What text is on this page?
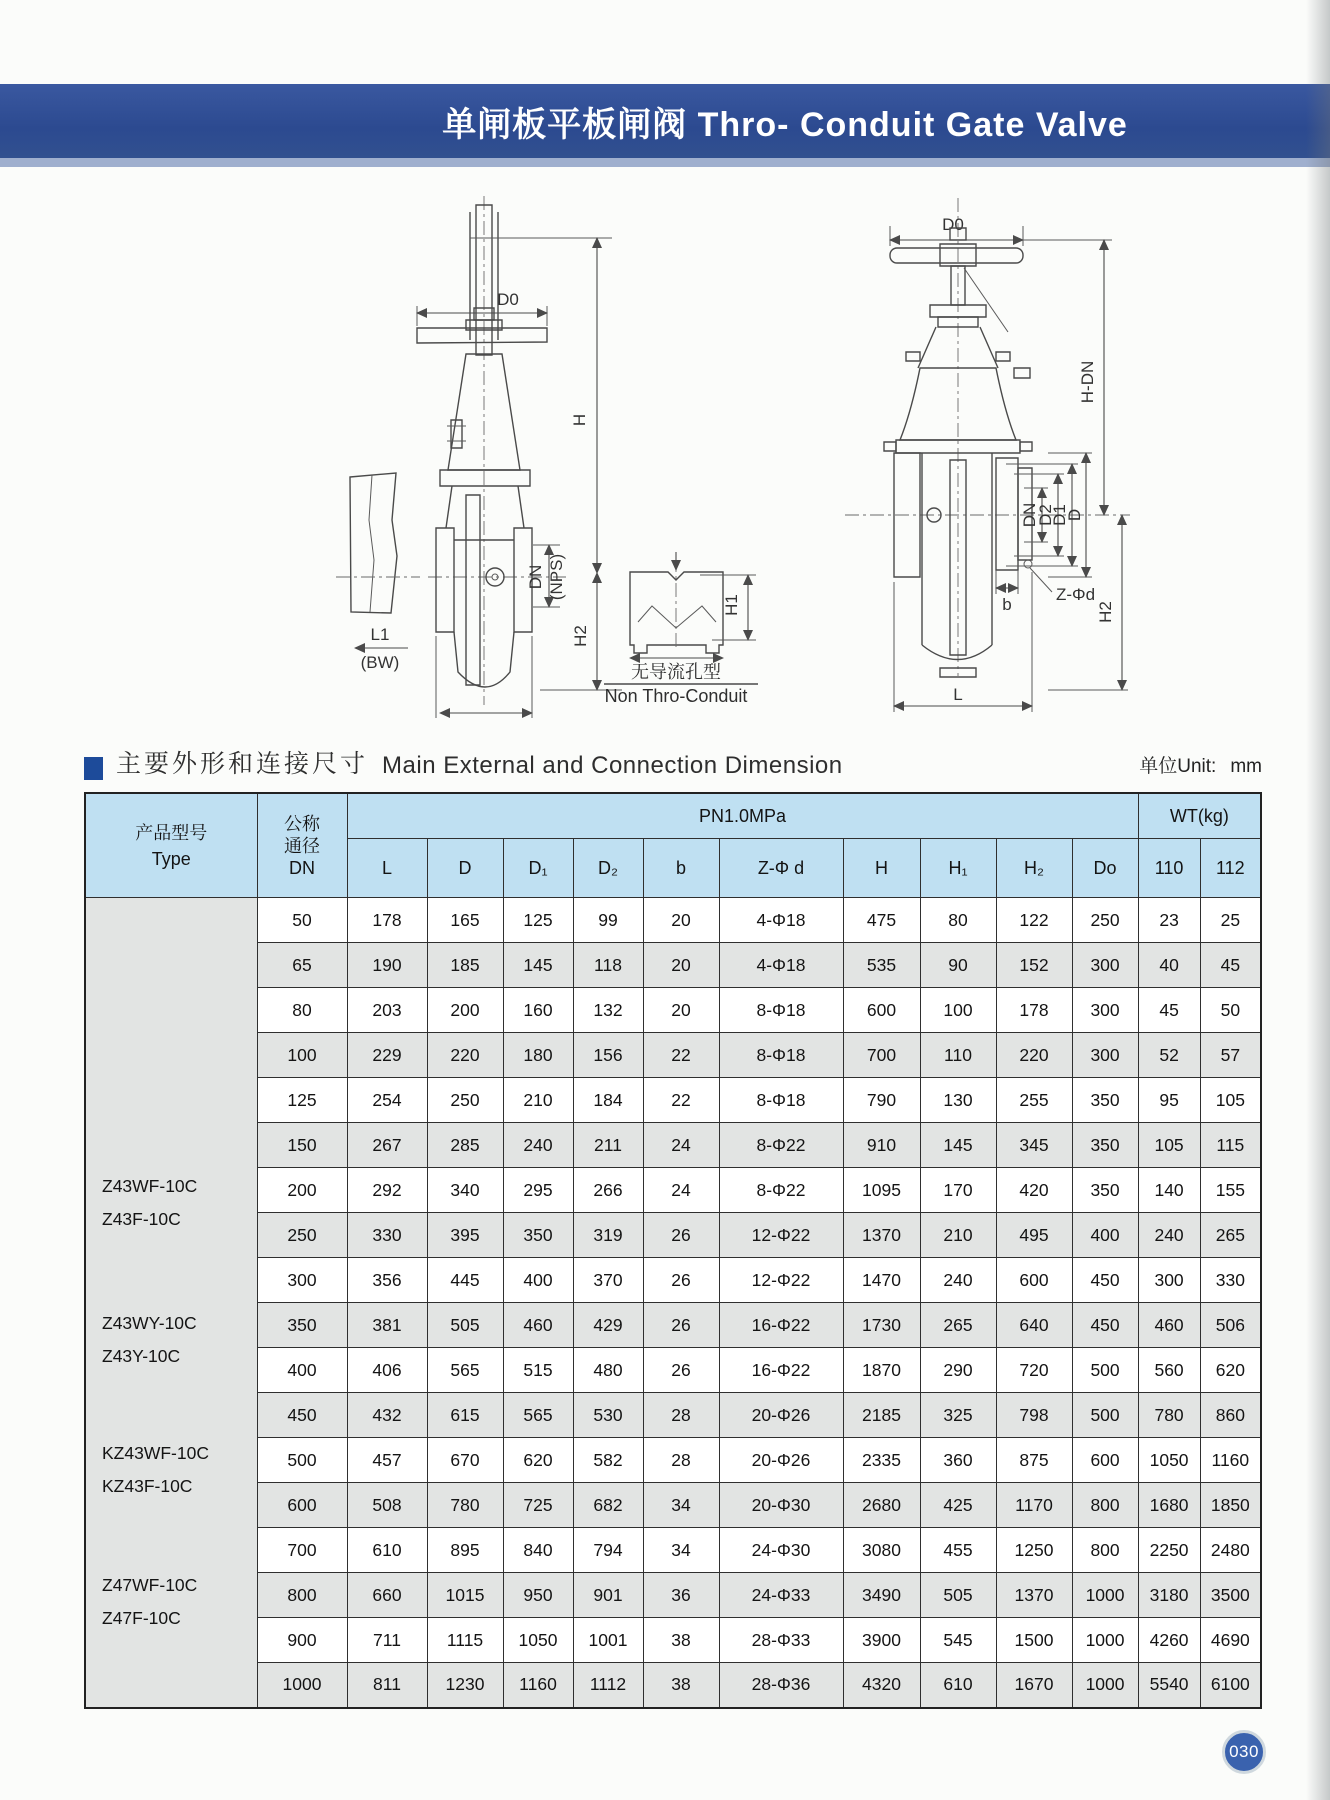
单闸板平板闸阀 Thro- Conduit Gate Valve
D0
DN (NPS)
H
H2
L1
(BW)
H1
无导流孔型
Non Thro-Conduit
D0
DN
D2
D1
D
b
Z-Φd
H-DN
H2
L
主要外形和连接尺寸 Main External and Connection Dimension	单位Unit: mm
产品型号
Type

公称
通径
DN
	PN1.0MPa	WT(kg)
		L	D	D₁	D₂	b	Z-Φ d	H	H₁	H₂	Do	110	112

Z43WF-10C
Z43F-10C
Z43WY-10C
Z43Y-10C
KZ43WF-10C
KZ43F-10C
Z47WF-10C
Z47F-10C
	50	178	165	125	99	20	4-Φ18	475	80	122	250	23	25
	65	190	185	145	118	20	4-Φ18	535	90	152	300	40	45
	80	203	200	160	132	20	8-Φ18	600	100	178	300	45	50
	100	229	220	180	156	22	8-Φ18	700	110	220	300	52	57
	125	254	250	210	184	22	8-Φ18	790	130	255	350	95	105
	150	267	285	240	211	24	8-Φ22	910	145	345	350	105	115
	200	292	340	295	266	24	8-Φ22	1095	170	420	350	140	155
	250	330	395	350	319	26	12-Φ22	1370	210	495	400	240	265
	300	356	445	400	370	26	12-Φ22	1470	240	600	450	300	330
	350	381	505	460	429	26	16-Φ22	1730	265	640	450	460	506
	400	406	565	515	480	26	16-Φ22	1870	290	720	500	560	620
	450	432	615	565	530	28	20-Φ26	2185	325	798	500	780	860
	500	457	670	620	582	28	20-Φ26	2335	360	875	600	1050	1160
	600	508	780	725	682	34	20-Φ30	2680	425	1170	800	1680	1850
	700	610	895	840	794	34	24-Φ30	3080	455	1250	800	2250	2480
	800	660	1015	950	901	36	24-Φ33	3490	505	1370	1000	3180	3500
	900	711	1115	1050	1001	38	28-Φ33	3900	545	1500	1000	4260	4690
	1000	811	1230	1160	1112	38	28-Φ36	4320	610	1670	1000	5540	6100
030
